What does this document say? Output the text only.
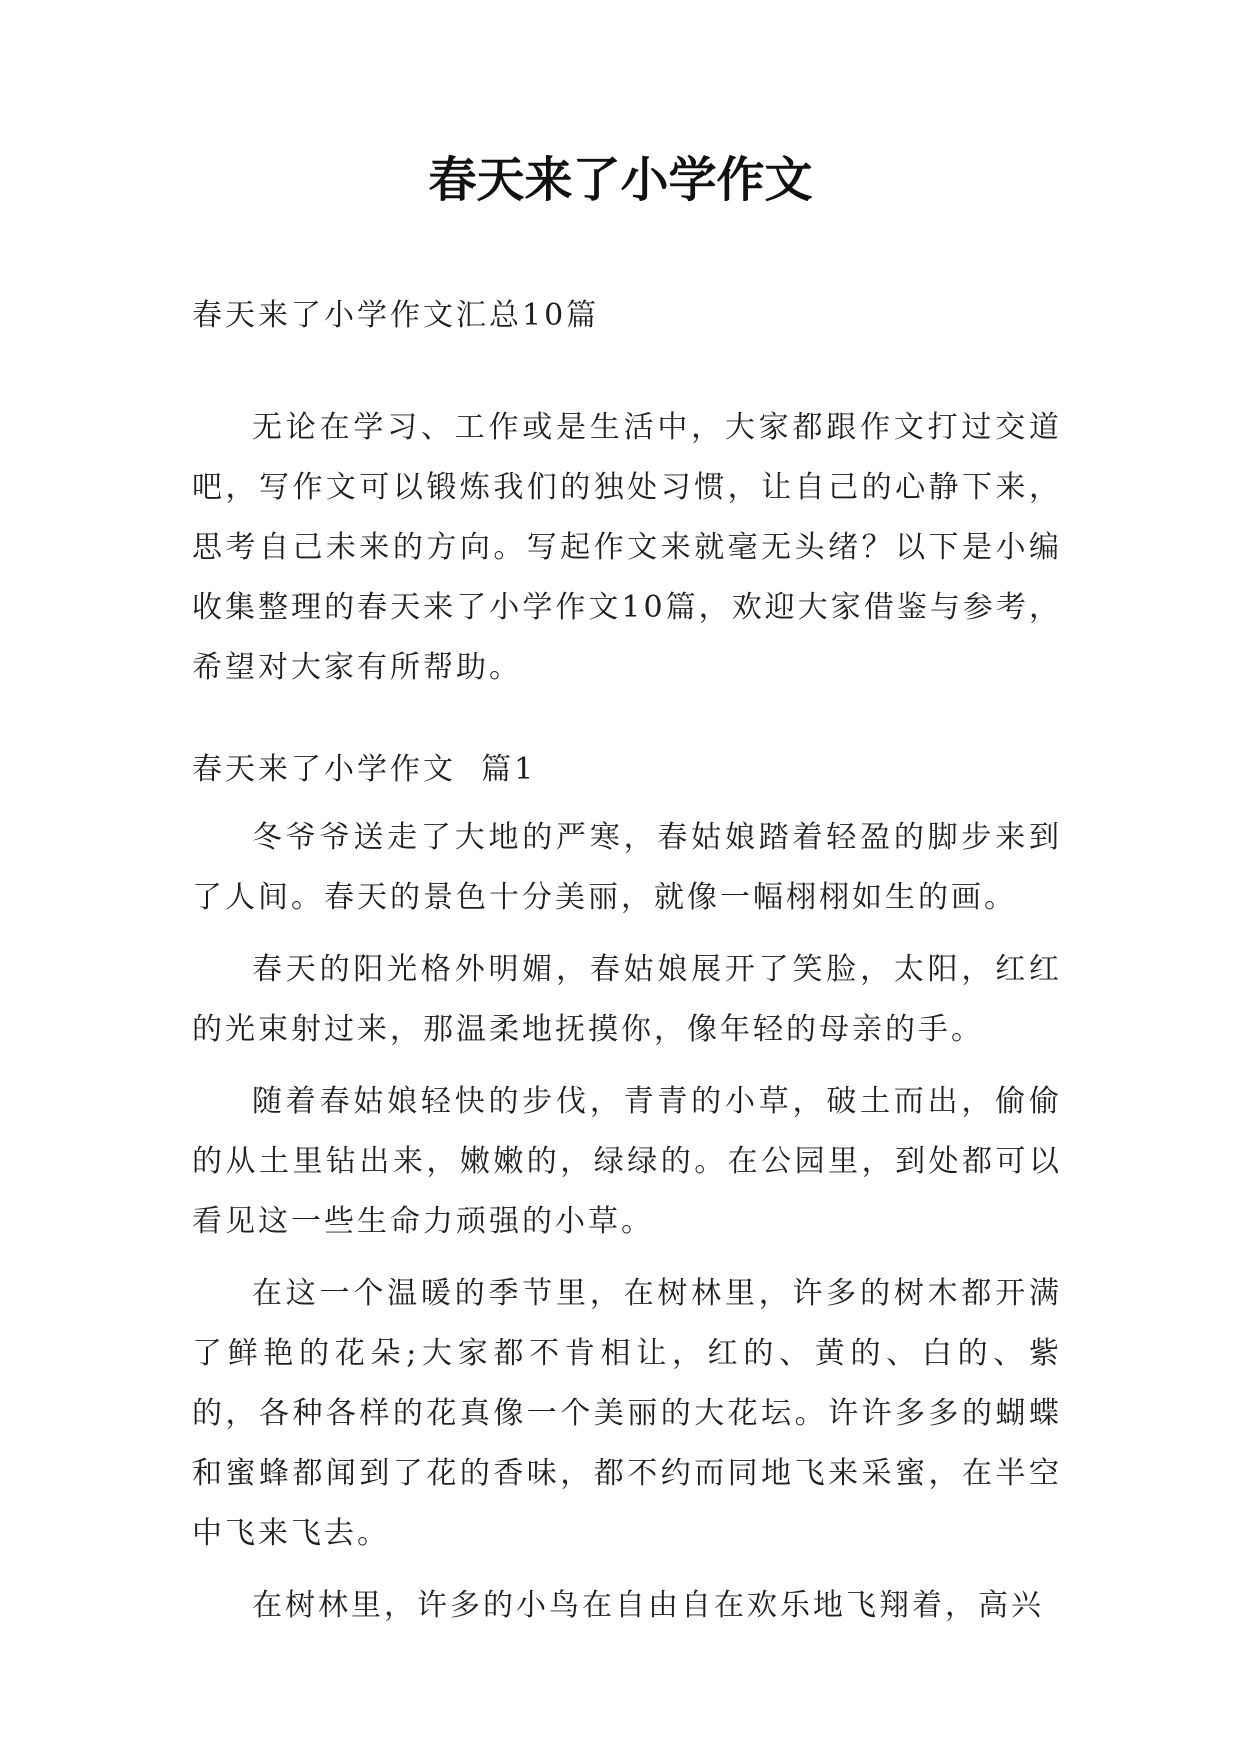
春天来了小学作文
春天来了小学作文汇总10篇

无论在学习、工作或是生活中，大家都跟作文打过交道吧，写作文可以锻炼我们的独处习惯，让自己的心静下来，思考自己未来的方向。写起作文来就毫无头绪？以下是小编收集整理的春天来了小学作文10篇，欢迎大家借鉴与参考，希望对大家有所帮助。

春天来了小学作文  篇1

冬爷爷送走了大地的严寒，春姑娘踏着轻盈的脚步来到了人间。春天的景色十分美丽，就像一幅栩栩如生的画。

春天的阳光格外明媚，春姑娘展开了笑脸，太阳，红红的光束射过来，那温柔地抚摸你，像年轻的母亲的手。

随着春姑娘轻快的步伐，青青的小草，破土而出，偷偷的从土里钻出来，嫩嫩的，绿绿的。在公园里，到处都可以看见这一些生命力顽强的小草。

在这一个温暖的季节里，在树林里，许多的树木都开满了鲜艳的花朵;大家都不肯相让，红的、黄的、白的、紫的，各种各样的花真像一个美丽的大花坛。许许多多的蝴蝶和蜜蜂都闻到了花的香味，都不约而同地飞来采蜜，在半空中飞来飞去。

在树林里，许多的小鸟在自由自在欢乐地飞翔着，高兴
